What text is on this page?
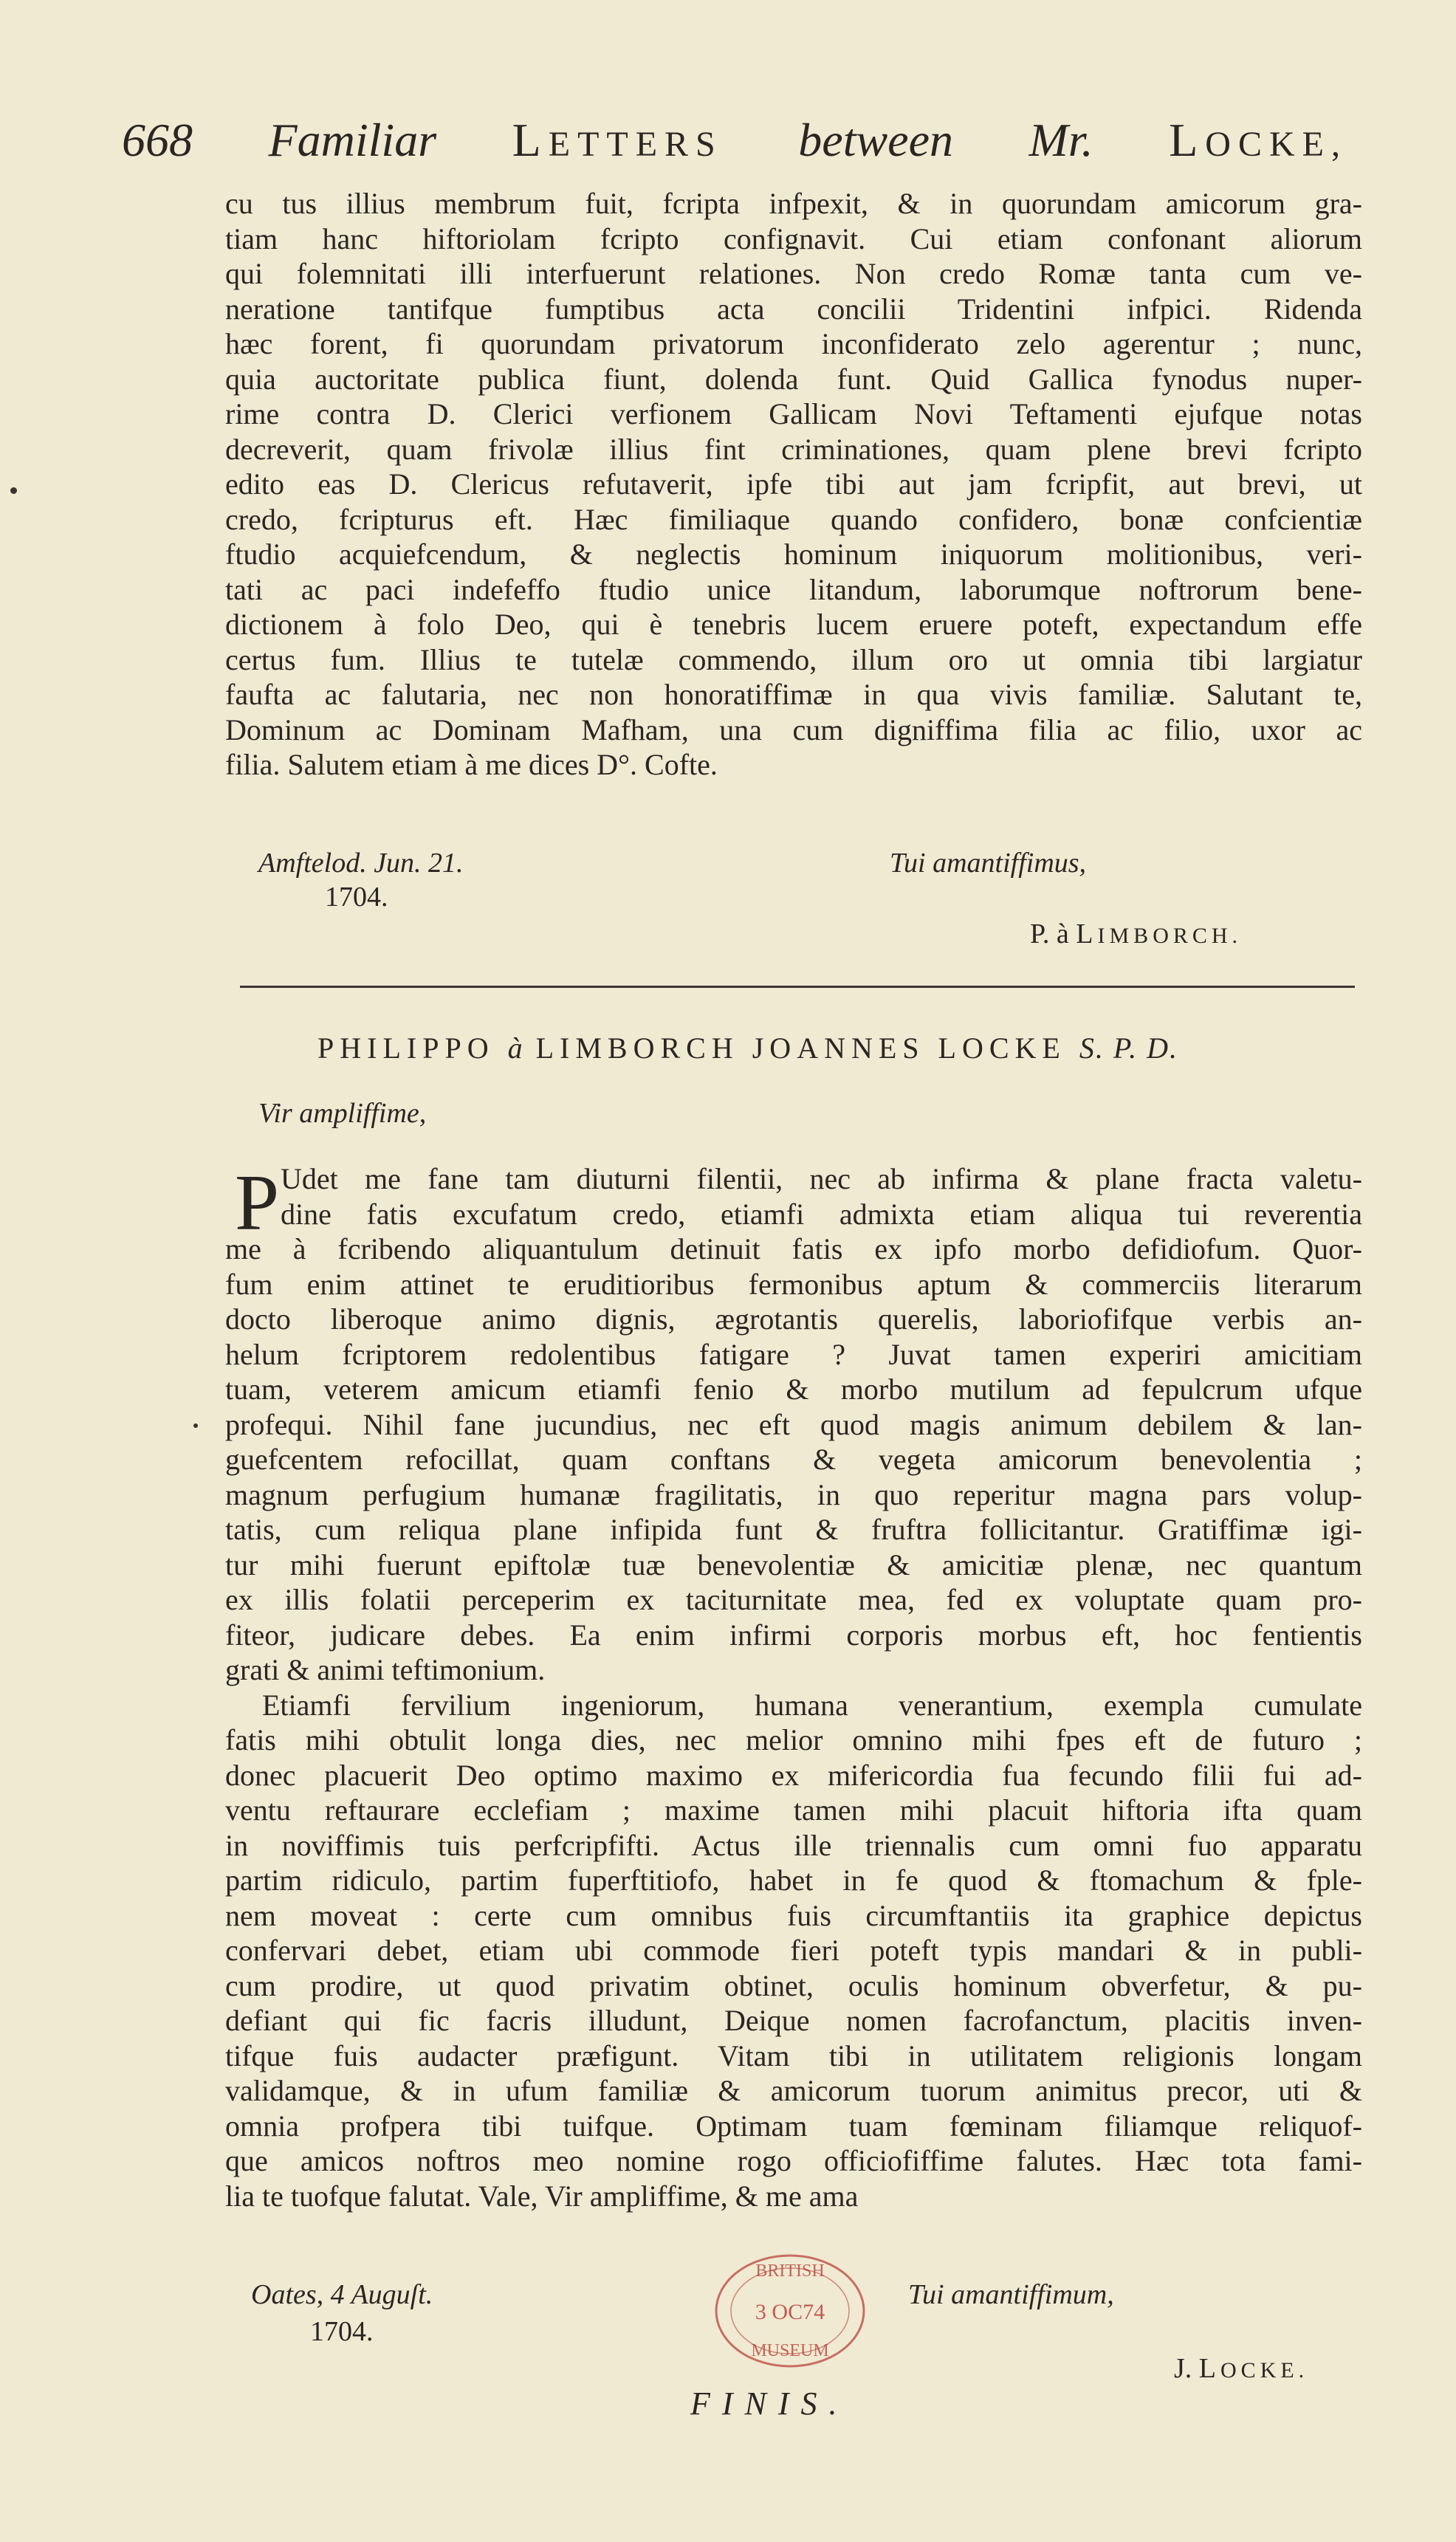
668 Familiar LETTERS between Mr. LOCKE,
cu tus illius membrum fuit, fcripta infpexit, & in quorundam amicorum gra-
tiam hanc hiftoriolam fcripto confignavit. Cui etiam confonant aliorum
qui folemnitati illi interfuerunt relationes. Non credo Romæ tanta cum ve-
neratione tantifque fumptibus acta concilii Tridentini infpici. Ridenda
hæc forent, fi quorundam privatorum inconfiderato zelo agerentur ; nunc,
quia auctoritate publica fiunt, dolenda funt. Quid Gallica fynodus nuper-
rime contra D. Clerici verfionem Gallicam Novi Teftamenti ejufque notas
decreverit, quam frivolæ illius fint criminationes, quam plene brevi fcripto
edito eas D. Clericus refutaverit, ipfe tibi aut jam fcripfit, aut brevi, ut
credo, fcripturus eft. Hæc fimiliaque quando confidero, bonæ confcientiæ
ftudio acquiefcendum, & neglectis hominum iniquorum molitionibus, veri-
tati ac paci indefeffo ftudio unice litandum, laborumque noftrorum bene-
dictionem à folo Deo, qui è tenebris lucem eruere poteft, expectandum effe
certus fum. Illius te tutelæ commendo, illum oro ut omnia tibi largiatur
faufta ac falutaria, nec non honoratiffimæ in qua vivis familiæ. Salutant te,
Dominum ac Dominam Mafham, una cum digniffima filia ac filio, uxor ac
filia. Salutem etiam à me dices D°. Cofte.
Amftelod. Jun. 21.
1704.
Tui amantiffimus,
P. à LIMBORCH.
PHILIPPO à LIMBORCH JOANNES LOCKE S. P. D.
Vir ampliffime,
P Udet me fane tam diuturni filentii, nec ab infirma & plane fracta valetu-
dine fatis excufatum credo, etiamfi admixta etiam aliqua tui reverentia
me à fcribendo aliquantulum detinuit fatis ex ipfo morbo defidiofum. Quor-
fum enim attinet te eruditioribus fermonibus aptum & commerciis literarum
docto liberoque animo dignis, ægrotantis querelis, laboriofifque verbis an-
helum fcriptorem redolentibus fatigare ? Juvat tamen experiri amicitiam
tuam, veterem amicum etiamfi fenio & morbo mutilum ad fepulcrum ufque
profequi. Nihil fane jucundius, nec eft quod magis animum debilem & lan-
guefcentem refocillat, quam conftans & vegeta amicorum benevolentia ;
magnum perfugium humanæ fragilitatis, in quo reperitur magna pars volup-
tatis, cum reliqua plane infipida funt & fruftra follicitantur. Gratiffimæ igi-
tur mihi fuerunt epiftolæ tuæ benevolentiæ & amicitiæ plenæ, nec quantum
ex illis folatii perceperim ex taciturnitate mea, fed ex voluptate quam pro-
fiteor, judicare debes. Ea enim infirmi corporis morbus eft, hoc fentientis
grati & animi teftimonium.
Etiamfi fervilium ingeniorum, humana venerantium, exempla cumulate
fatis mihi obtulit longa dies, nec melior omnino mihi fpes eft de futuro ;
donec placuerit Deo optimo maximo ex mifericordia fua fecundo filii fui ad-
ventu reftaurare ecclefiam ; maxime tamen mihi placuit hiftoria ifta quam
in noviffimis tuis perfcripfifti. Actus ille triennalis cum omni fuo apparatu
partim ridiculo, partim fuperftitiofo, habet in fe quod & ftomachum & fple-
nem moveat : certe cum omnibus fuis circumftantiis ita graphice depictus
confervari debet, etiam ubi commode fieri poteft typis mandari & in publi-
cum prodire, ut quod privatim obtinet, oculis hominum obverfetur, & pu-
defiant qui fic facris illudunt, Deique nomen facrofanctum, placitis inven-
tifque fuis audacter præfigunt. Vitam tibi in utilitatem religionis longam
validamque, & in ufum familiæ & amicorum tuorum animitus precor, uti &
omnia profpera tibi tuifque. Optimam tuam fœminam filiamque reliquof-
que amicos noftros meo nomine rogo officiofiffime falutes. Hæc tota fami-
lia te tuofque falutat. Vale, Vir ampliffime, & me ama
Oates, 4 Auguſt.
1704.
Tui amantiffimum,
J. LOCKE.
BRITISH
3 OC74
MUSEUM
FINIS.
